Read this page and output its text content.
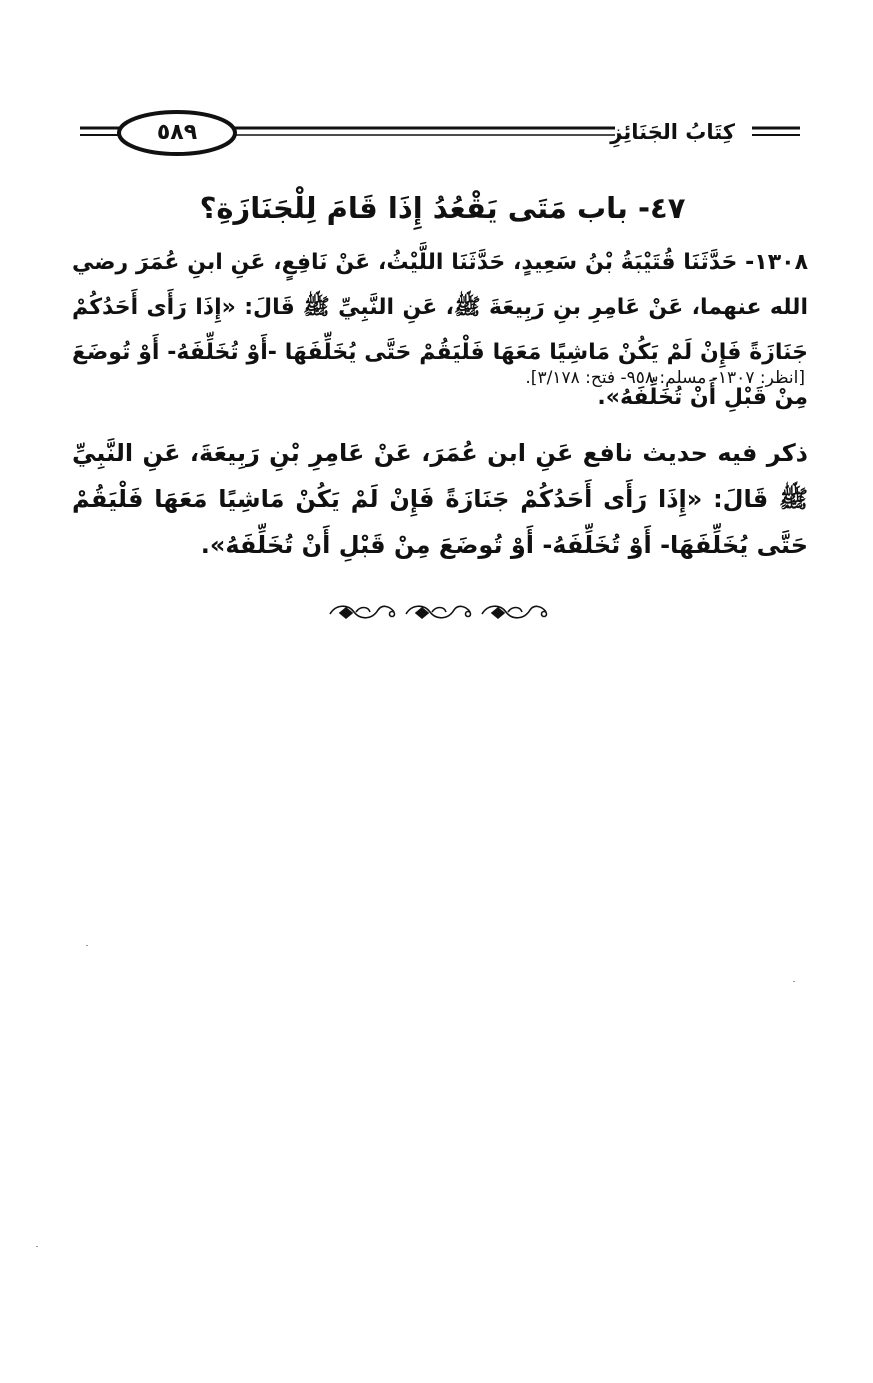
٥٨٩	كِتَابُ الجَنَائِزِ
٤٧- باب مَتَى يَقْعُدُ إِذَا قَامَ لِلْجَنَازَةِ؟

١٣٠٨- حَدَّثَنَا قُتَيْبَةُ بْنُ سَعِيدٍ، حَدَّثَنَا اللَّيْثُ، عَنْ نَافِعٍ، عَنِ ابنِ عُمَرَ رضي الله عنهما، عَنْ عَامِرِ بنِ رَبِيعَةَ ﷺ، عَنِ النَّبِيِّ ﷺ قَالَ: «إِذَا رَأَى أَحَدُكُمْ جَنَازَةً فَإِنْ لَمْ يَكُنْ مَاشِيًا مَعَهَا فَلْيَقُمْ حَتَّى يُخَلِّفَهَا -أَوْ تُخَلِّفَهُ- أَوْ تُوضَعَ مِنْ قَبْلِ أَنْ تُخَلِّفَهُ».

[انظر: ١٣٠٧- مسلم: ٩٥٨- فتح: ٣/١٧٨].

ذكر فيه حديث نافع عَنِ ابن عُمَرَ، عَنْ عَامِرِ بْنِ رَبِيعَةَ، عَنِ النَّبِيِّ ﷺ قَالَ: «إِذَا رَأَى أَحَدُكُمْ جَنَازَةً فَإِنْ لَمْ يَكُنْ مَاشِيًا مَعَهَا فَلْيَقُمْ حَتَّى يُخَلِّفَهَا- أَوْ تُخَلِّفَهُ- أَوْ تُوضَعَ مِنْ قَبْلِ أَنْ تُخَلِّفَهُ».
